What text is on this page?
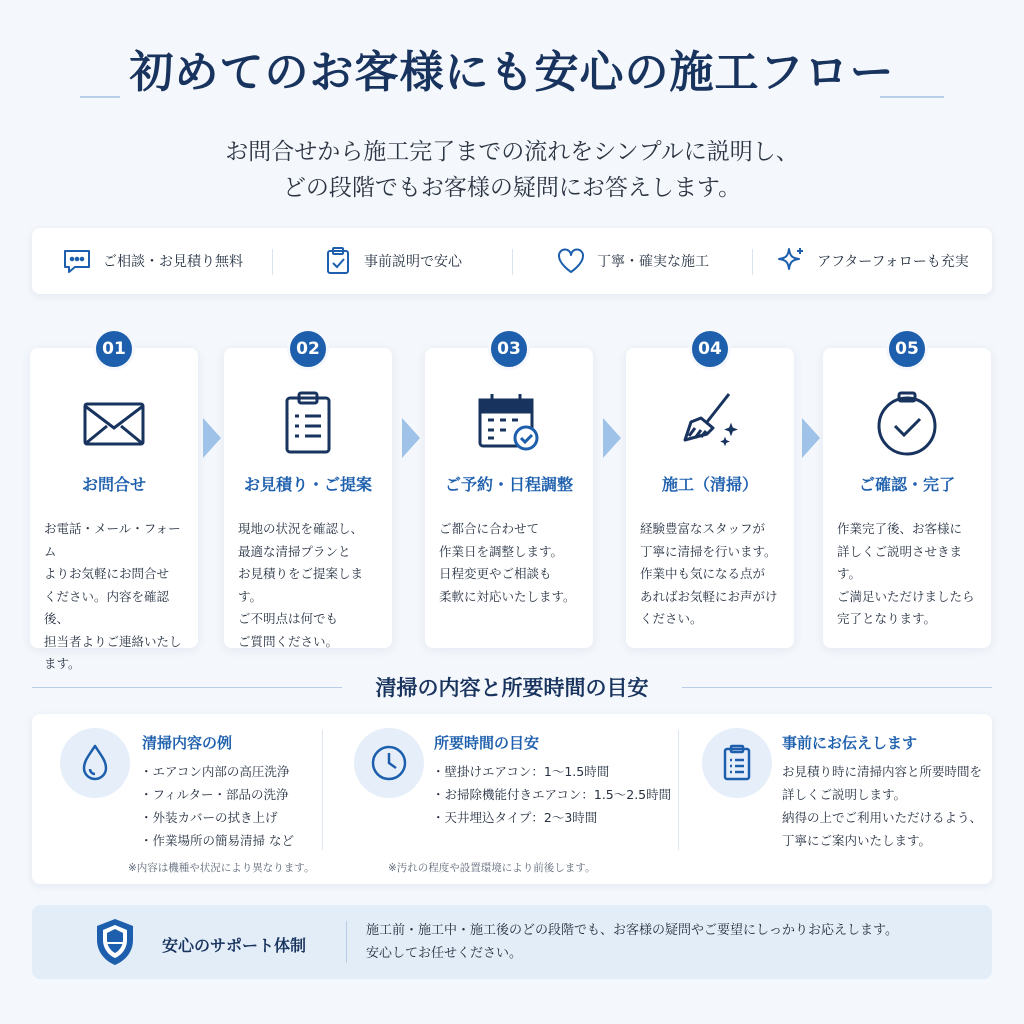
初めてのお客様にも安心の施工フロー
お問合せから施工完了までの流れをシンプルに説明し、
どの段階でもお客様の疑問にお答えします。
ご相談・お見積り無料	事前説明で安心	丁寧・確実な施工	アフターフォローも充実
01
お問合せ
お電話・メール・フォーム
よりお気軽にお問合せ
ください。内容を確認後、
担当者よりご連絡いたし
ます。
02
お見積り・ご提案
現地の状況を確認し、
最適な清掃プランと
お見積りをご提案します。
ご不明点は何でも
ご質問ください。
03
ご予約・日程調整
ご都合に合わせて
作業日を調整します。
日程変更やご相談も
柔軟に対応いたします。
04
施工（清掃）
経験豊富なスタッフが
丁寧に清掃を行います。
作業中も気になる点が
あればお気軽にお声がけ
ください。
05
ご確認・完了
作業完了後、お客様に
詳しくご説明させきます。
ご満足いただけましたら
完了となります。
清掃の内容と所要時間の目安
清掃内容の例
・エアコン内部の高圧洗浄
・フィルター・部品の洗浄
・外装カバーの拭き上げ
・作業場所の簡易清掃 など
※内容は機種や状況により異なります。
所要時間の目安
・壁掛けエアコン：1〜1.5時間
・お掃除機能付きエアコン：1.5〜2.5時間
・天井埋込タイプ：2〜3時間
※汚れの程度や設置環境により前後します。
事前にお伝えします
お見積り時に清掃内容と所要時間を
詳しくご説明します。
納得の上でご利用いただけるよう、
丁寧にご案内いたします。
安心のサポート体制
施工前・施工中・施工後のどの段階でも、お客様の疑問やご要望にしっかりお応えします。
安心してお任せください。
